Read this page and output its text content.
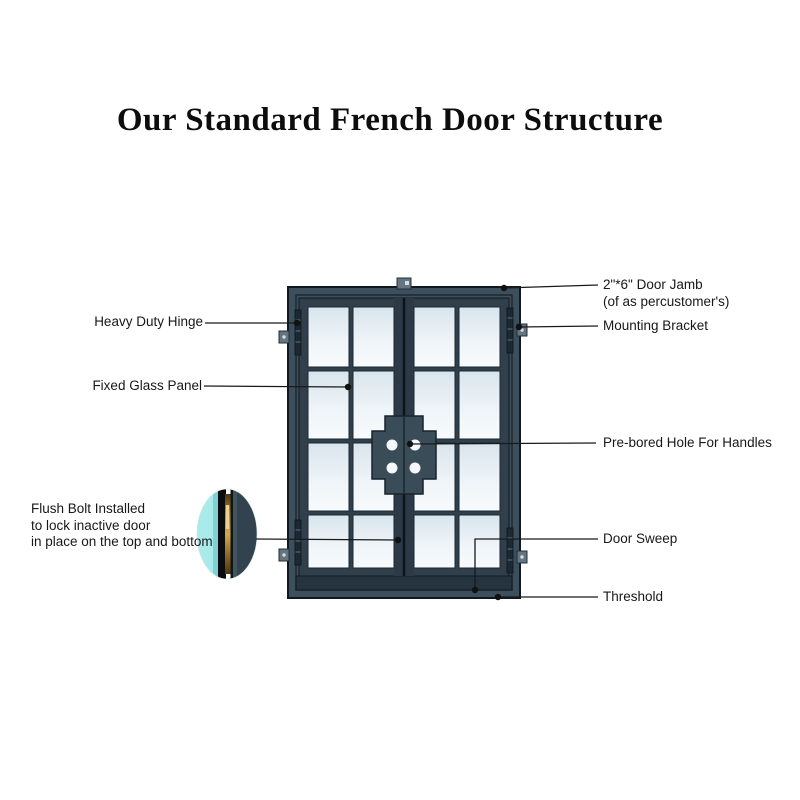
Our Standard French Door Structure
Heavy Duty Hinge
Fixed Glass Panel
Flush Bolt Installed
to lock inactive door
in place on the top and bottom
2"*6" Door Jamb
(of as percustomer's)
Mounting Bracket
Pre-bored Hole For Handles
Door Sweep
Threshold
